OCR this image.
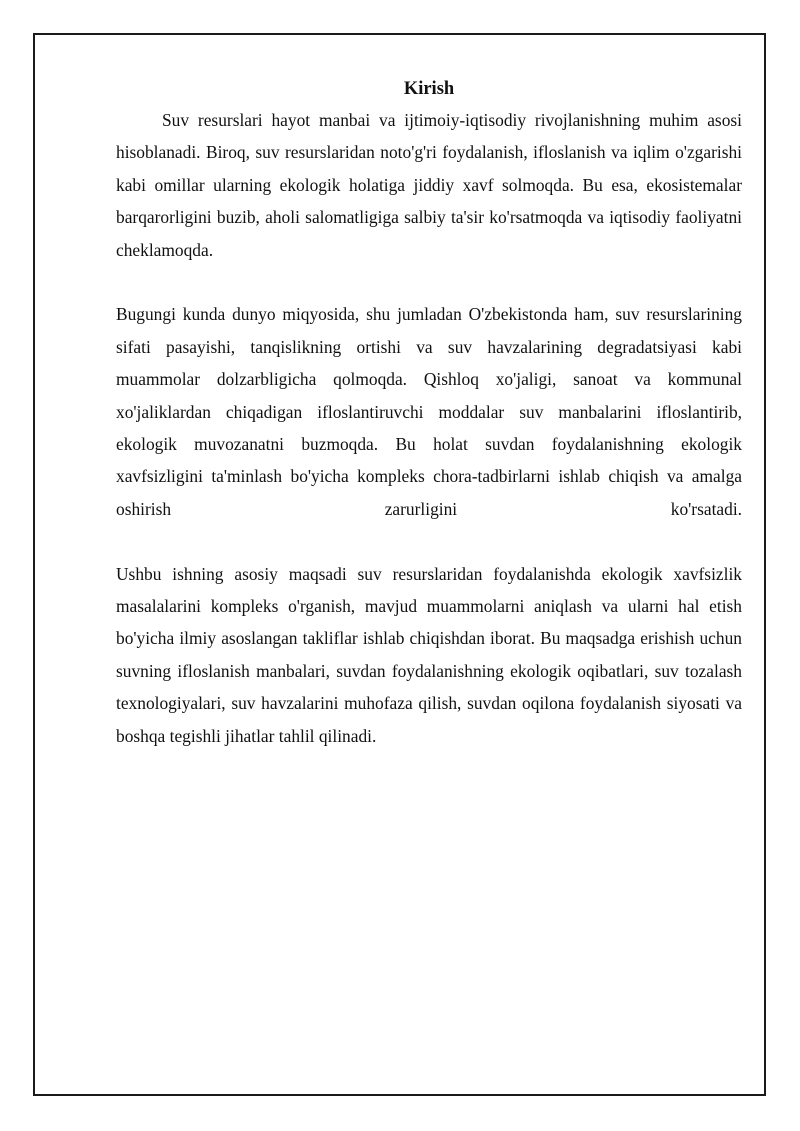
Kirish

Suv resurslari hayot manbai va ijtimoiy-iqtisodiy rivojlanishning muhim asosi hisoblanadi. Biroq, suv resurslaridan noto'g'ri foydalanish, ifloslanish va iqlim o'zgarishi kabi omillar ularning ekologik holatiga jiddiy xavf solmoqda. Bu esa, ekosistemalar barqarorligini buzib, aholi salomatligiga salbiy ta'sir ko'rsatmoqda va iqtisodiy faoliyatni cheklamoqda.

Bugungi kunda dunyo miqyosida, shu jumladan O'zbekistonda ham, suv resurslarining sifati pasayishi, tanqislikning ortishi va suv havzalarining degradatsiyasi kabi muammolar dolzarbligicha qolmoqda. Qishloq xo'jaligi, sanoat va kommunal xo'jaliklardan chiqadigan ifloslantiruvchi moddalar suv manbalarini ifloslantirib, ekologik muvozanatni buzmoqda. Bu holat suvdan foydalanishning ekologik xavfsizligini ta'minlash bo'yicha kompleks chora-tadbirlarni ishlab chiqish va amalga oshirish zarurligini ko'rsatadi.

Ushbu ishning asosiy maqsadi suv resurslaridan foydalanishda ekologik xavfsizlik masalalarini kompleks o'rganish, mavjud muammolarni aniqlash va ularni hal etish bo'yicha ilmiy asoslangan takliflar ishlab chiqishdan iborat. Bu maqsadga erishish uchun suvning ifloslanish manbalari, suvdan foydalanishning ekologik oqibatlari, suv tozalash texnologiyalari, suv havzalarini muhofaza qilish, suvdan oqilona foydalanish siyosati va boshqa tegishli jihatlar tahlil qilinadi.
